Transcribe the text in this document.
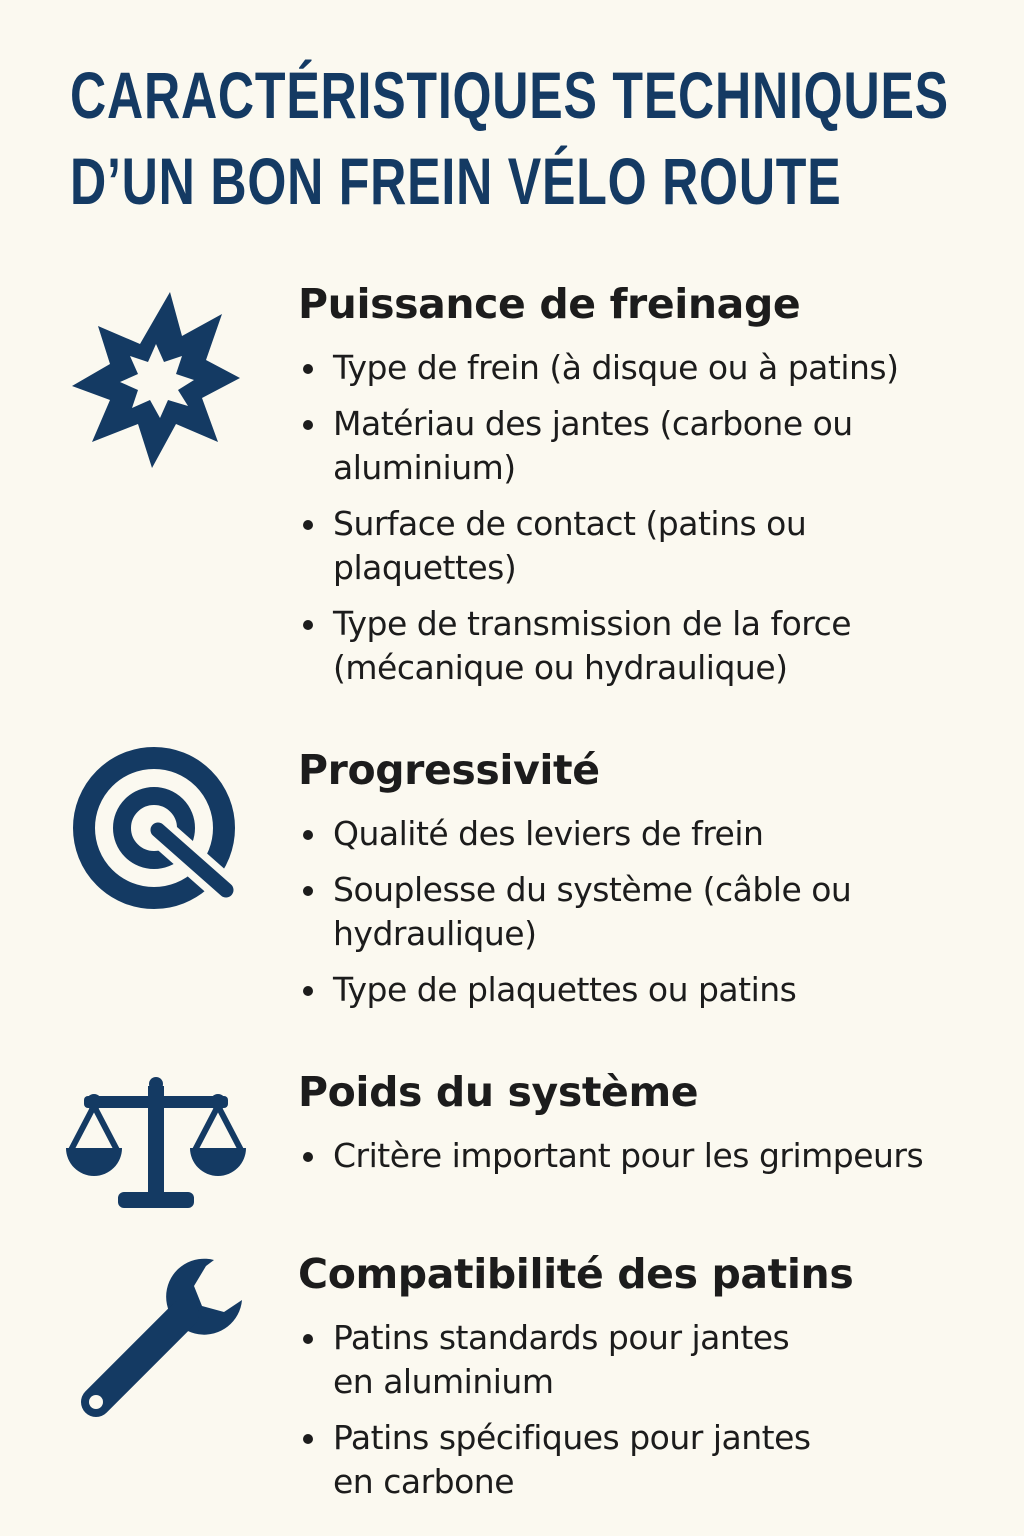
CARACTÉRISTIQUES TECHNIQUES
D’UN BON FREIN VÉLO ROUTE
Puissance de freinage
Type de frein (à disque ou à patins)
Matériau des jantes (carbone ou
aluminium)
Surface de contact (patins ou
plaquettes)
Type de transmission de la force
(mécanique ou hydraulique)
Progressivité
Qualité des leviers de frein
Souplesse du système (câble ou
hydraulique)
Type de plaquettes ou patins
Poids du système
Critère important pour les grimpeurs
Compatibilité des patins
Patins standards pour jantes
en aluminium
Patins spécifiques pour jantes
en carbone
